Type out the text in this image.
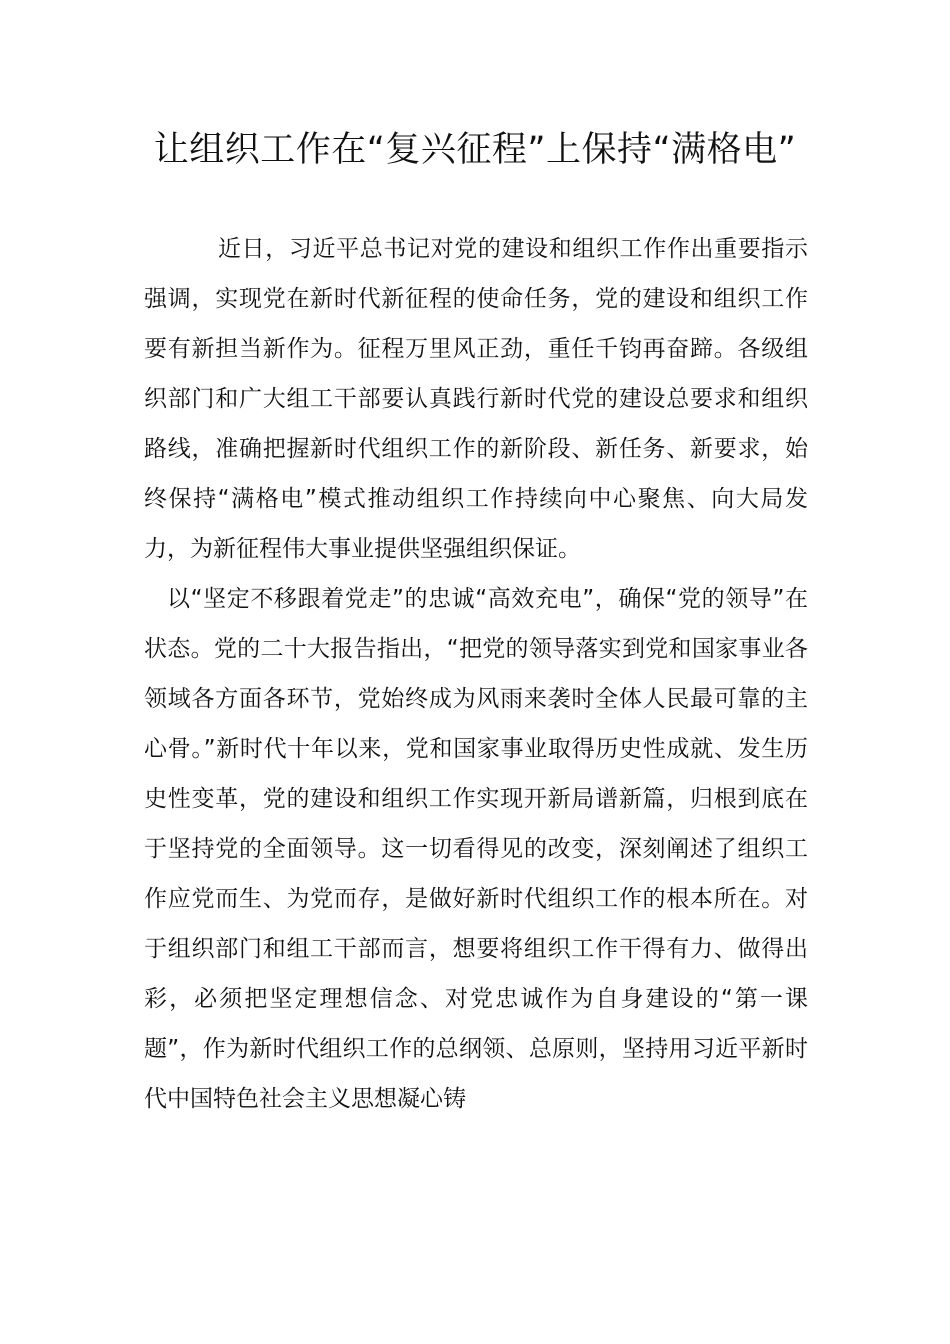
让组织工作在“复兴征程”上保持“满格电”

近日，习近平总书记对党的建设和组织工作作出重要指示强调，实现党在新时代新征程的使命任务，党的建设和组织工作要有新担当新作为。征程万里风正劲，重任千钧再奋蹄。各级组织部门和广大组工干部要认真践行新时代党的建设总要求和组织路线，准确把握新时代组织工作的新阶段、新任务、新要求，始终保持“满格电”模式推动组织工作持续向中心聚焦、向大局发力，为新征程伟大事业提供坚强组织保证。

以“坚定不移跟着党走”的忠诚“高效充电”，确保“党的领导”在状态。党的二十大报告指出，“把党的领导落实到党和国家事业各领域各方面各环节，党始终成为风雨来袭时全体人民最可靠的主心骨。”新时代十年以来，党和国家事业取得历史性成就、发生历史性变革，党的建设和组织工作实现开新局谱新篇，归根到底在于坚持党的全面领导。这一切看得见的改变，深刻阐述了组织工作应党而生、为党而存，是做好新时代组织工作的根本所在。对于组织部门和组工干部而言，想要将组织工作干得有力、做得出彩，必须把坚定理想信念、对党忠诚作为自身建设的“第一课题”，作为新时代组织工作的总纲领、总原则，坚持用习近平新时代中国特色社会主义思想凝心铸
